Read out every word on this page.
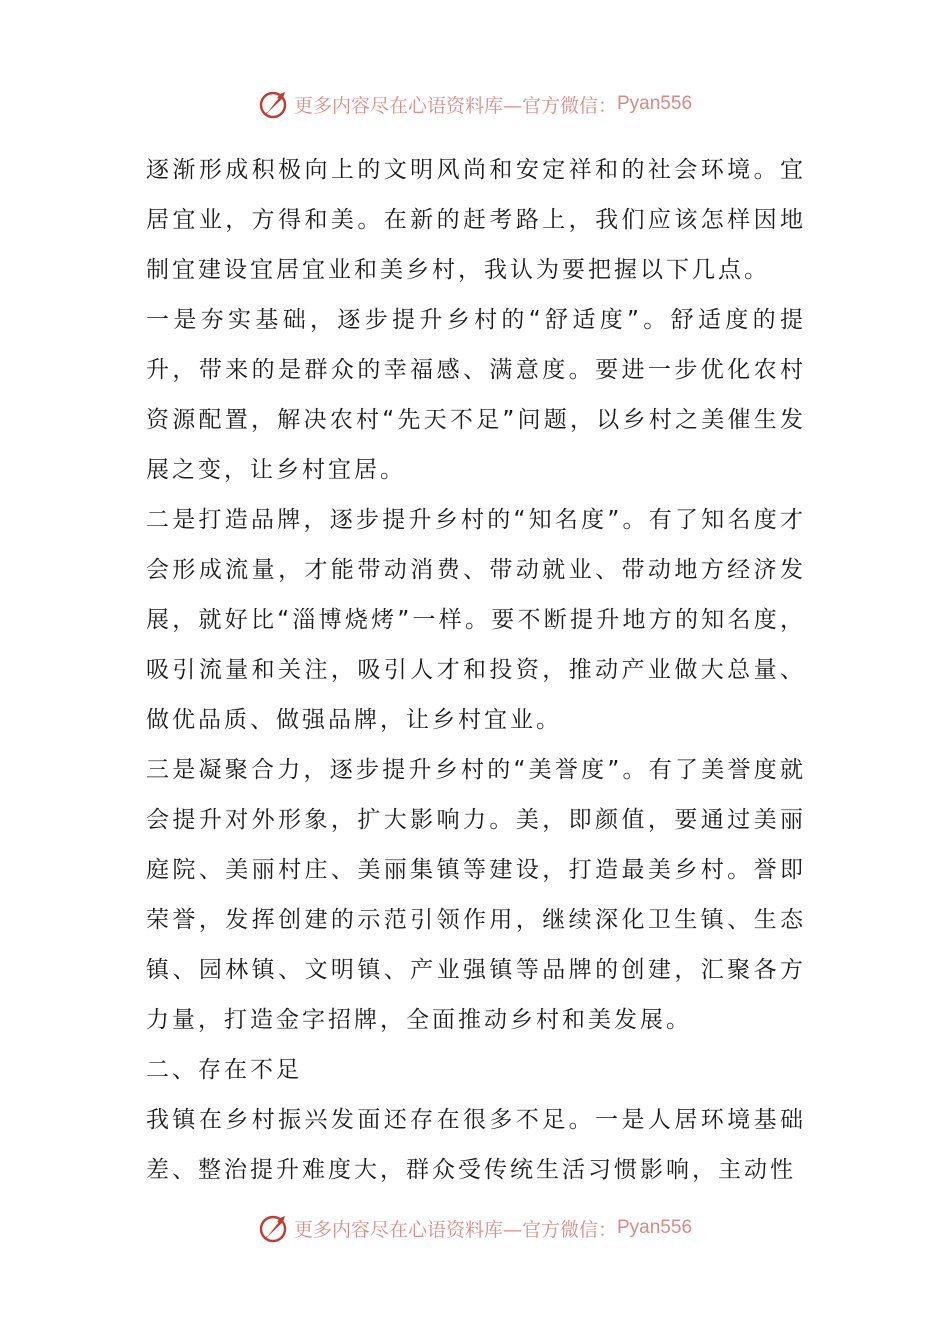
更多内容尽在心语资料库—官方微信： Pyan556

逐渐形成积极向上的文明风尚和安定祥和的社会环境。宜居宜业，方得和美。在新的赶考路上，我们应该怎样因地制宜建设宜居宜业和美乡村，我认为要把握以下几点。

一是夯实基础，逐步提升乡村的“舒适度”。舒适度的提升，带来的是群众的幸福感、满意度。要进一步优化农村资源配置，解决农村“先天不足”问题，以乡村之美催生发展之变，让乡村宜居。

二是打造品牌，逐步提升乡村的“知名度”。有了知名度才会形成流量，才能带动消费、带动就业、带动地方经济发展，就好比“淄博烧烤”一样。要不断提升地方的知名度，吸引流量和关注，吸引人才和投资，推动产业做大总量、做优品质、做强品牌，让乡村宜业。

三是凝聚合力，逐步提升乡村的“美誉度”。有了美誉度就会提升对外形象，扩大影响力。美，即颜值，要通过美丽庭院、美丽村庄、美丽集镇等建设，打造最美乡村。誉即荣誉，发挥创建的示范引领作用，继续深化卫生镇、生态镇、园林镇、文明镇、产业强镇等品牌的创建，汇聚各方力量，打造金字招牌，全面推动乡村和美发展。

二、存在不足

我镇在乡村振兴发面还存在很多不足。一是人居环境基础差、整治提升难度大，群众受传统生活习惯影响，主动性

更多内容尽在心语资料库—官方微信： Pyan556
